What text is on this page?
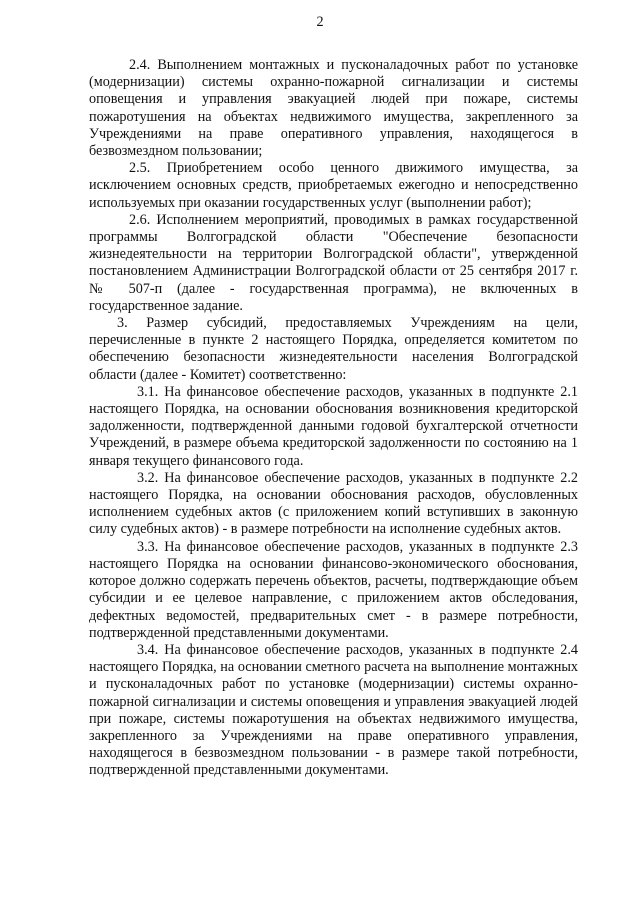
2

2.4. Выполнением монтажных и пусконаладочных работ по установке (модернизации) системы охранно-пожарной сигнализации и системы оповещения и управления эвакуацией людей при пожаре, системы пожаротушения на объектах недвижимого имущества, закрепленного за Учреждениями на праве оперативного управления, находящегося в безвозмездном пользовании;

2.5. Приобретением особо ценного движимого имущества, за исключением основных средств, приобретаемых ежегодно и непосредственно используемых при оказании государственных услуг (выполнении работ);

2.6. Исполнением мероприятий, проводимых в рамках государственной программы Волгоградской области "Обеспечение безопасности жизнедеятельности на территории Волгоградской области", утвержденной постановлением Администрации Волгоградской области от 25 сентября 2017 г. № 507-п (далее - государственная программа), не включенных в государственное задание.

3. Размер субсидий, предоставляемых Учреждениям на цели, перечисленные в пункте 2 настоящего Порядка, определяется комитетом по обеспечению безопасности жизнедеятельности населения Волгоградской области (далее - Комитет) соответственно:

3.1. На финансовое обеспечение расходов, указанных в подпункте 2.1 настоящего Порядка, на основании обоснования возникновения кредиторской задолженности, подтвержденной данными годовой бухгалтерской отчетности Учреждений, в размере объема кредиторской задолженности по состоянию на 1 января текущего финансового года.

3.2. На финансовое обеспечение расходов, указанных в подпункте 2.2 настоящего Порядка, на основании обоснования расходов, обусловленных исполнением судебных актов (с приложением копий вступивших в законную силу судебных актов) - в размере потребности на исполнение судебных актов.

3.3. На финансовое обеспечение расходов, указанных в подпункте 2.3 настоящего Порядка на основании финансово-экономического обоснования, которое должно содержать перечень объектов, расчеты, подтверждающие объем субсидии и ее целевое направление, с приложением актов обследования, дефектных ведомостей, предварительных смет - в размере потребности, подтвержденной представленными документами.

3.4. На финансовое обеспечение расходов, указанных в подпункте 2.4 настоящего Порядка, на основании сметного расчета на выполнение монтажных и пусконаладочных работ по установке (модернизации) системы охранно-пожарной сигнализации и системы оповещения и управления эвакуацией людей при пожаре, системы пожаротушения на объектах недвижимого имущества, закрепленного за Учреждениями на праве оперативного управления, находящегося в безвозмездном пользовании - в размере такой потребности, подтвержденной представленными документами.
